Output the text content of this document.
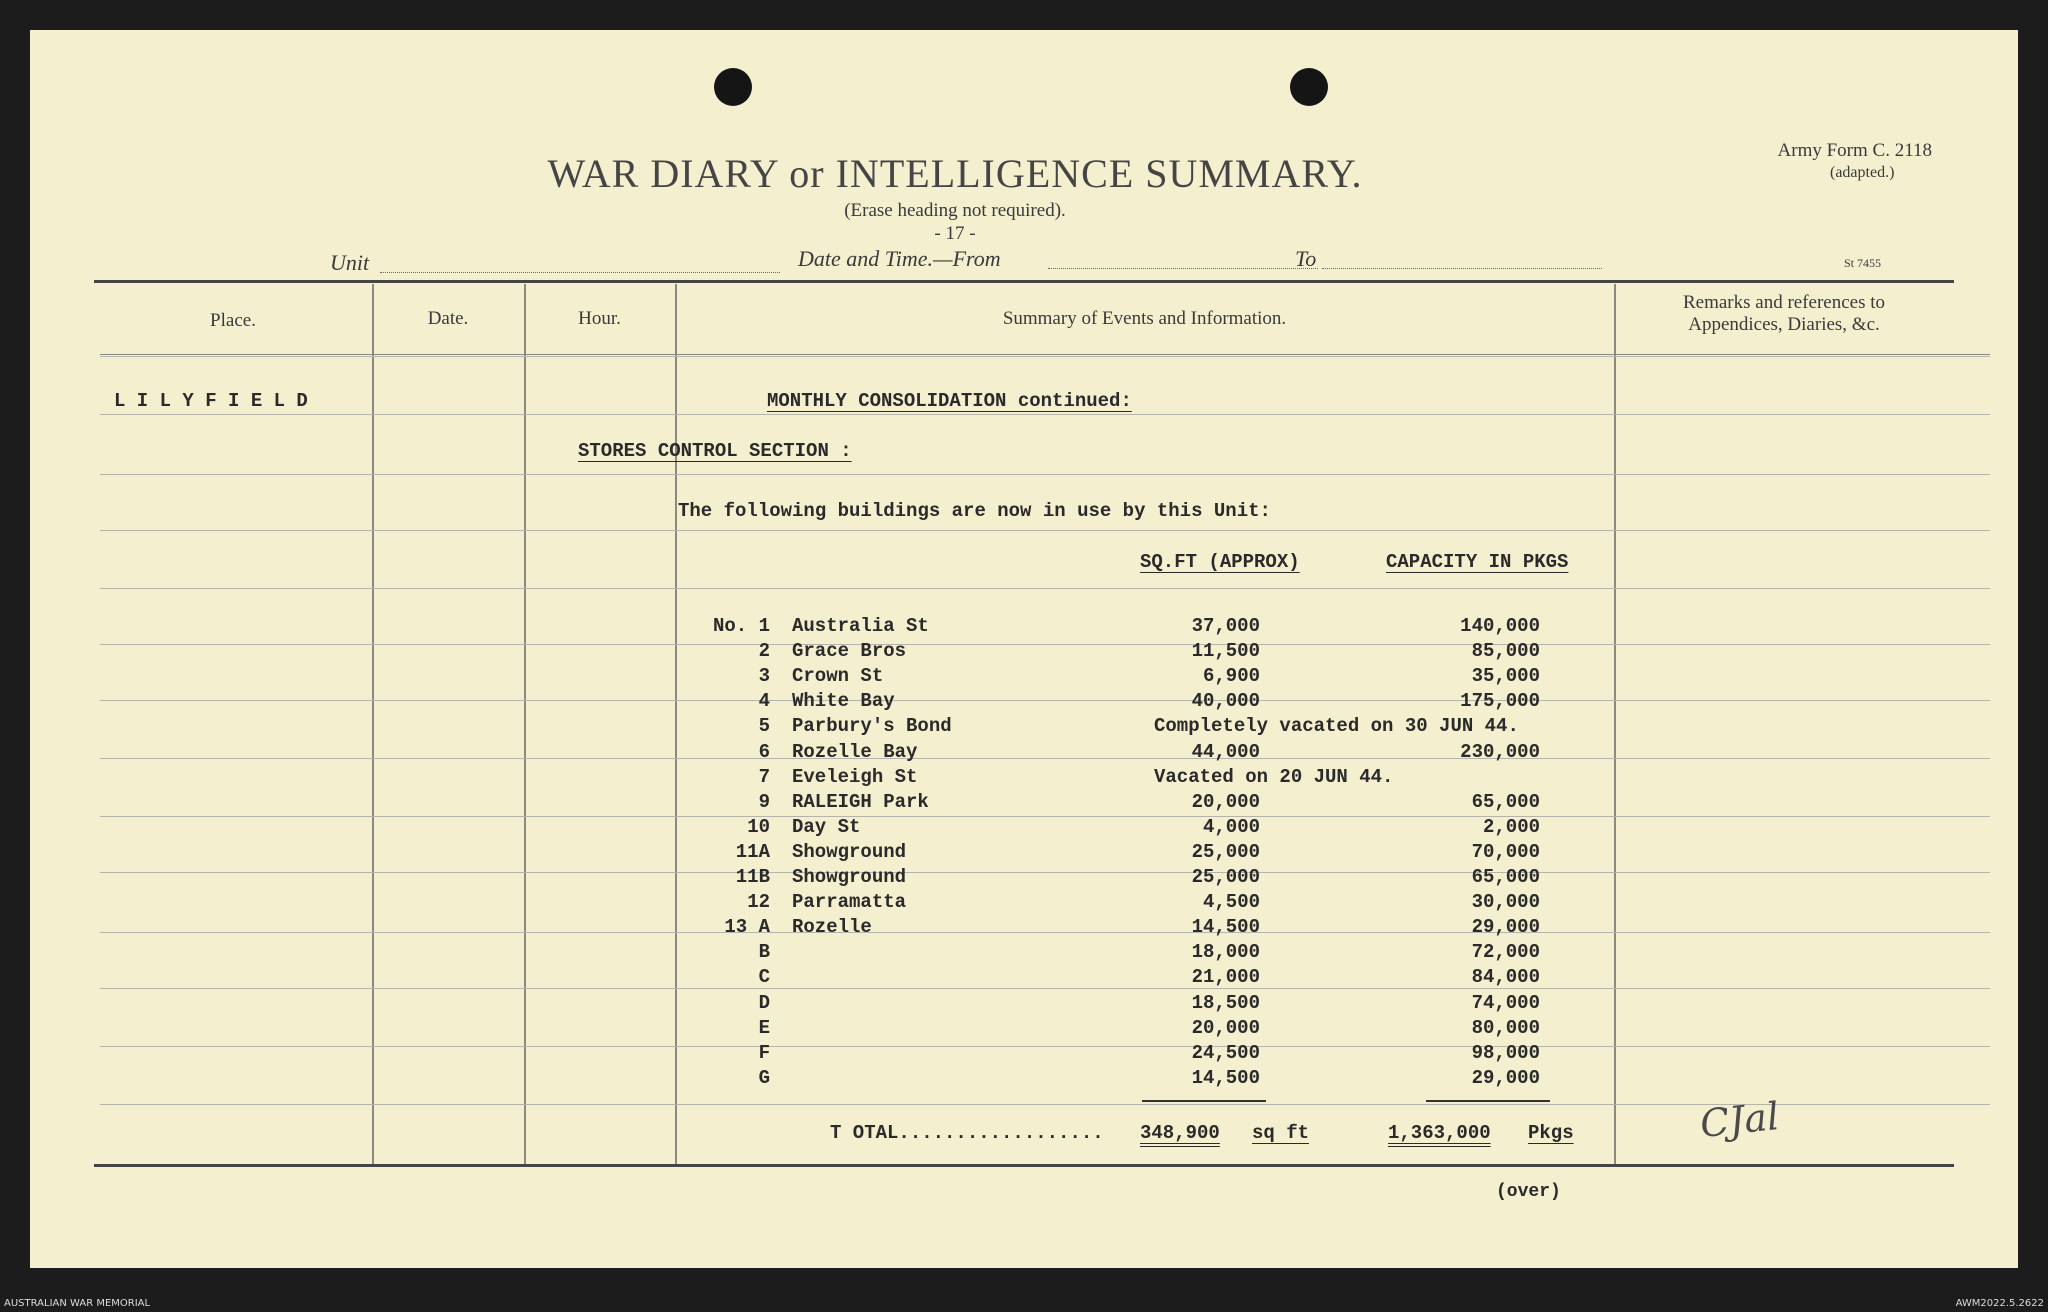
Army Form C. 2118
(adapted.)
WAR DIARY or INTELLIGENCE SUMMARY.
(Erase heading not required).
- 17 -
Unit	Date and Time.—From	To	St 7455
Place.	Date.	Hour.	Summary of Events and Information.
Remarks and references to
Appendices, Diaries, &c.
L I L Y F I E L D	MONTHLY CONSOLIDATION continued:
STORES CONTROL SECTION :
The following buildings are now in use by this Unit:
SQ.FT (APPROX)	CAPACITY IN PKGS
No. 1 Australia St	37,000	140,000
2 Grace Bros	11,500	85,000
3 Crown St	6,900	35,000
4 White Bay	40,000	175,000
5 Parbury's Bond	Completely vacated on 30 JUN 44.
6 Rozelle Bay	44,000	230,000
7 Eveleigh St	Vacated on 20 JUN 44.
9 RALEIGH Park	20,000	65,000
10 Day St	4,000	2,000
11A Showground	25,000	70,000
11B Showground	25,000	65,000
12 Parramatta	4,500	30,000
13 A Rozelle	14,500	29,000
B	18,000	72,000
C	21,000	84,000
D	18,500	74,000
E	20,000	80,000
F	24,500	98,000
G	14,500	29,000
T OTAL.................. 348,900 sq ft	1,363,000 Pkgs	CJal
(over)
AUSTRALIAN WAR MEMORIAL	AWM2022.5.2622
